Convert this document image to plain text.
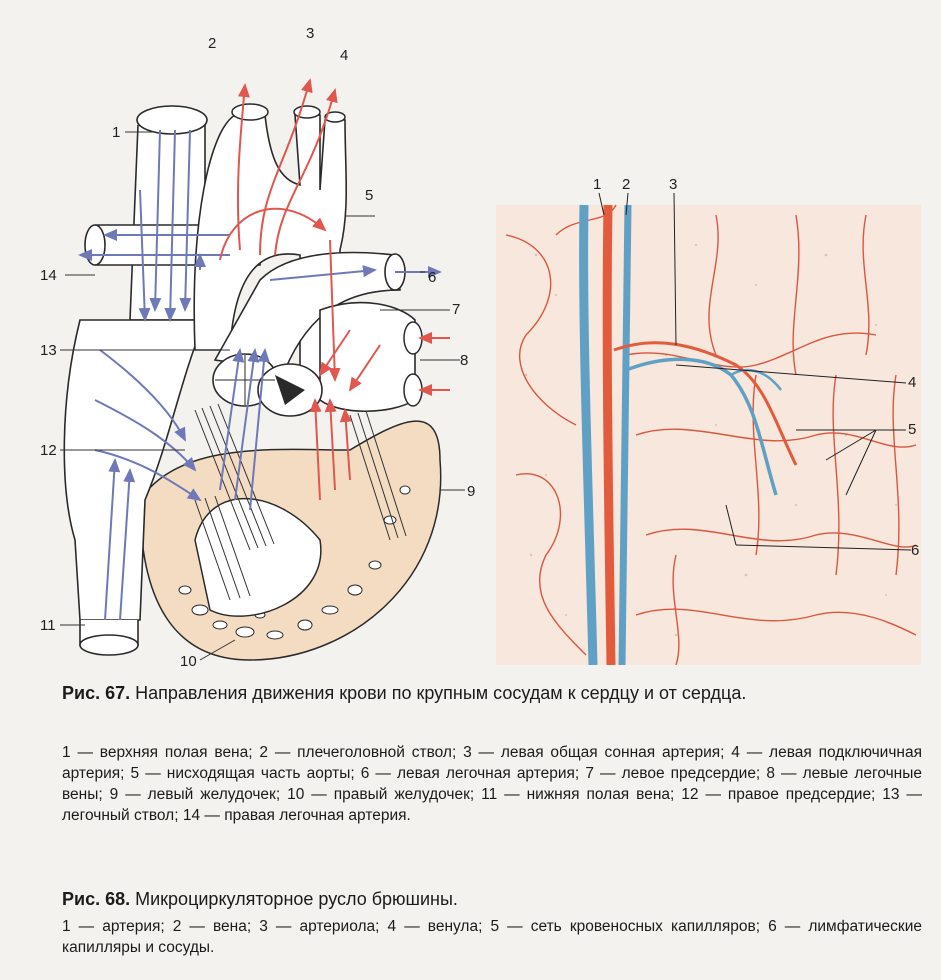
1
2
3
4
5
6
7
8
9
10
11
12
13
14
1 2	3
4
5
6
Рис. 67. Направления движения крови по крупным сосудам к сердцу и от сердца.
1 — верхняя полая вена; 2 — плечеголовной ствол; 3 — левая общая сонная артерия; 4 — левая подключичная артерия; 5 — нисходящая часть аорты; 6 — левая легочная артерия; 7 — левое предсердие; 8 — левые легочные вены; 9 — левый желудочек; 10 — правый желудочек; 11 — нижняя полая вена; 12 — правое предсердие; 13 — легочный ствол; 14 — правая легочная артерия.
Рис. 68. Микроциркуляторное русло брюшины.
1 — артерия; 2 — вена; 3 — артериола; 4 — венула; 5 — сеть кровеносных капилляров; 6 — лимфатические капилляры и сосуды.
